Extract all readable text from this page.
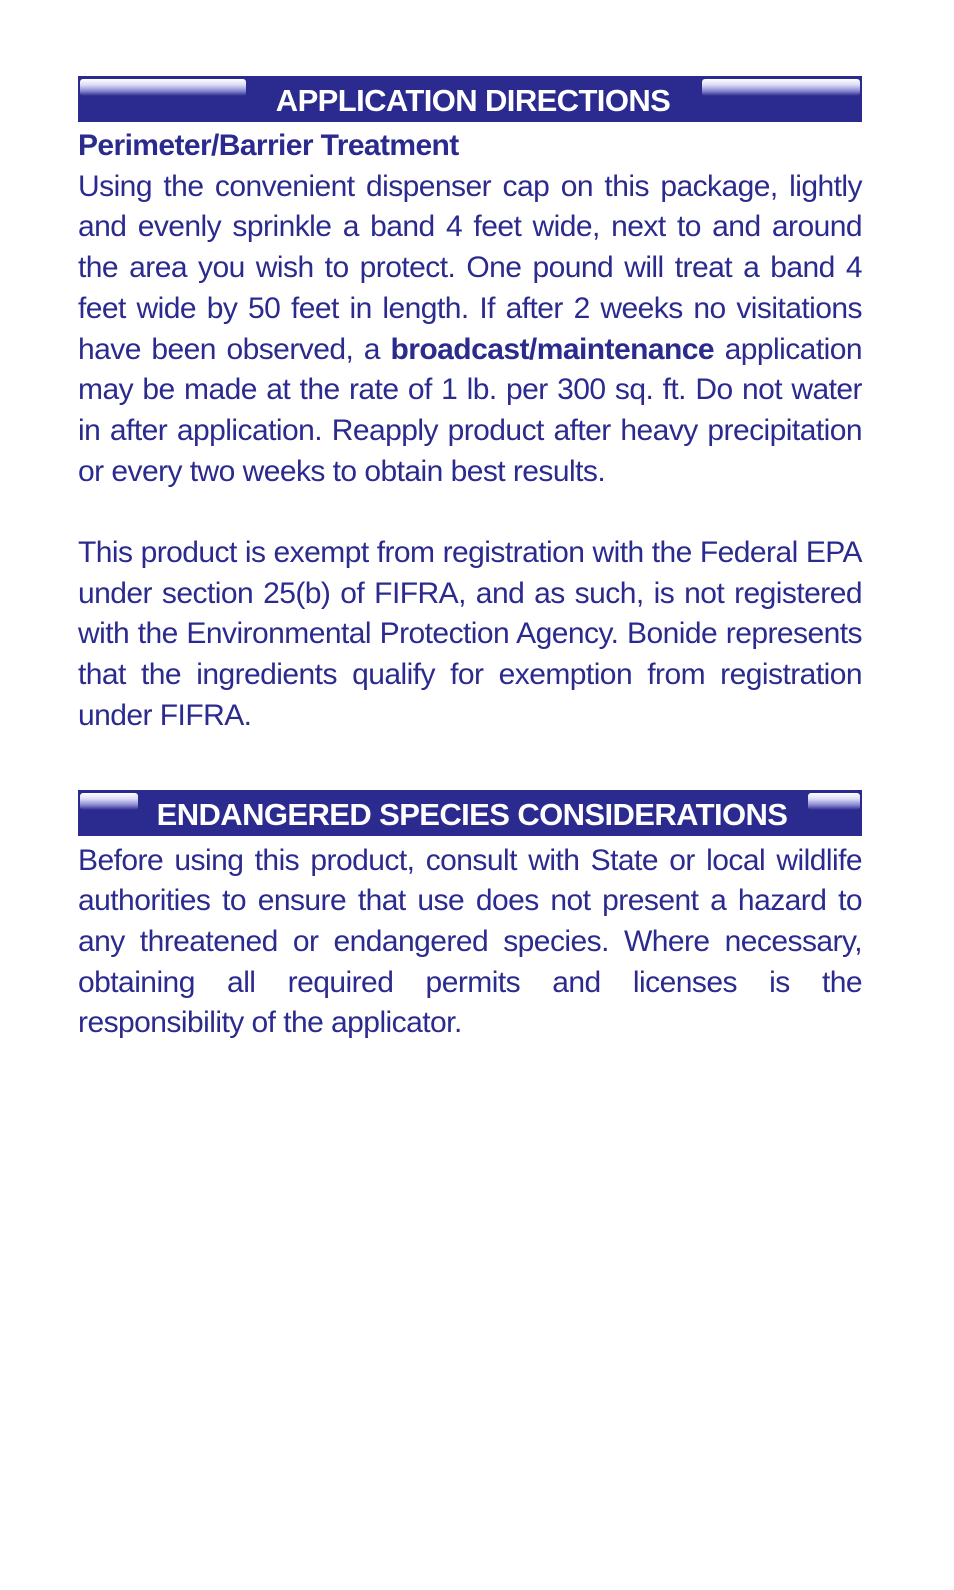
APPLICATION DIRECTIONS
Perimeter/Barrier Treatment

Using the convenient dispenser cap on this package, lightly and evenly sprinkle a band 4 feet wide, next to and around the area you wish to protect. One pound will treat a band 4 feet wide by 50 feet in length. If after 2 weeks no visitations have been observed, a broadcast/maintenance application may be made at the rate of 1 lb. per 300 sq. ft. Do not water in after application. Reapply product after heavy precipitation or every two weeks to obtain best results.

This product is exempt from registration with the Federal EPA under section 25(b) of FIFRA, and as such, is not registered with the Environmental Protection Agency. Bonide represents that the ingredients qualify for exemption from registration under FIFRA.

ENDANGERED SPECIES CONSIDERATIONS

Before using this product, consult with State or local wildlife authorities to ensure that use does not present a hazard to any threatened or endangered species. Where necessary, obtaining all required permits and licenses is the responsibility of the applicator.
